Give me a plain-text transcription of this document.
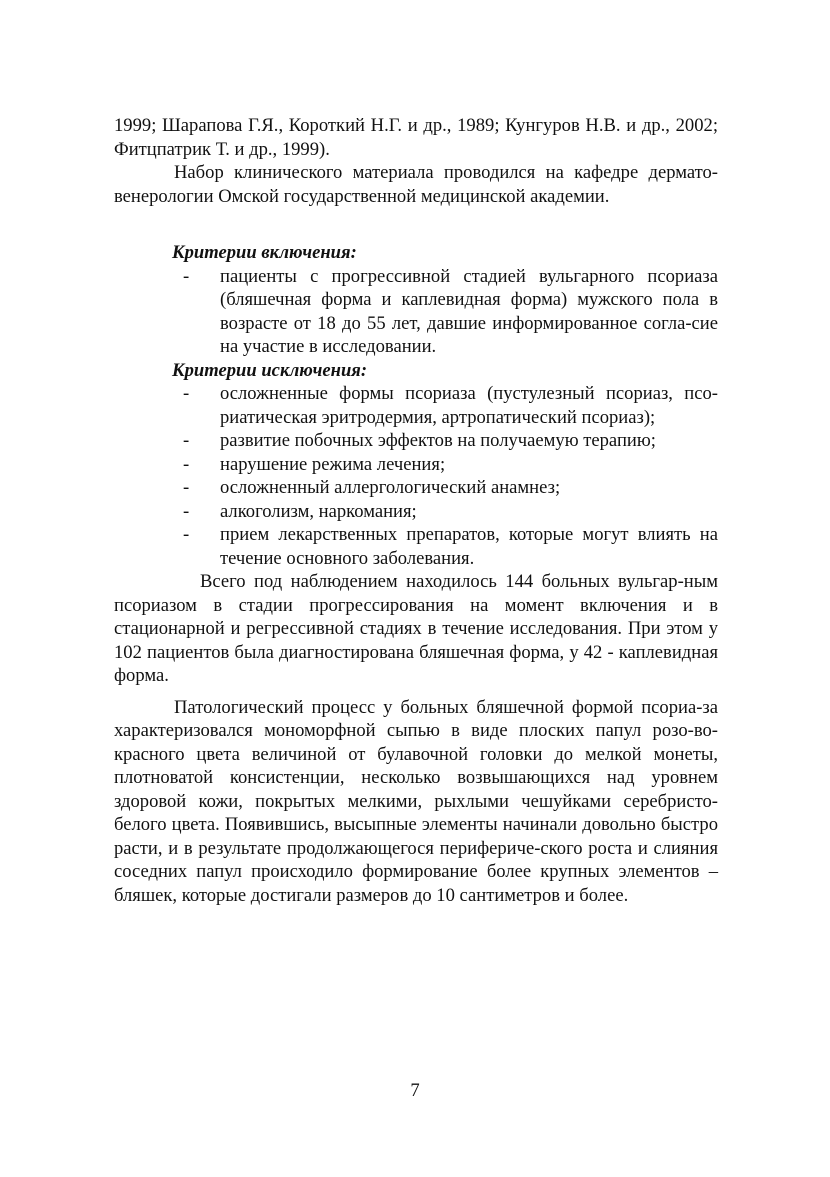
1999; Шарапова Г.Я., Короткий Н.Г. и др., 1989; Кунгуров Н.В. и др., 2002; Фитцпатрик Т. и др., 1999).

Набор клинического материала проводился на кафедре дермато-венерологии Омской государственной медицинской академии.

Критерии включения:

- пациенты с прогрессивной стадией вульгарного псориаза (бляшечная форма и каплевидная форма) мужского пола в возрасте от 18 до 55 лет, давшие информированное согла-сие на участие в исследовании.

Критерии исключения:

- осложненные формы псориаза (пустулезный псориаз, псо-риатическая эритродермия, артропатический псориаз);
- развитие побочных эффектов на получаемую терапию;
- нарушение режима лечения;
- осложненный аллергологический анамнез;
- алкоголизм, наркомания;
- прием лекарственных препаратов, которые могут влиять на течение основного заболевания.

Всего под наблюдением находилось 144 больных вульгар-ным псориазом в стадии прогрессирования на момент включения и в стационарной и регрессивной стадиях в течение исследования. При этом у 102 пациентов была диагностирована бляшечная форма, у 42 - каплевидная форма.

Патологический процесс у больных бляшечной формой псориа-за характеризовался мономорфной сыпью в виде плоских папул розо-во-красного цвета величиной от булавочной головки до мелкой монеты, плотноватой консистенции, несколько возвышающихся над уровнем здоровой кожи, покрытых мелкими, рыхлыми чешуйками серебристо-белого цвета. Появившись, высыпные элементы начинали довольно быстро расти, и в результате продолжающегося перифериче-ского роста и слияния соседних папул происходило формирование более крупных элементов – бляшек, которые достигали размеров до 10 сантиметров и более.

7
